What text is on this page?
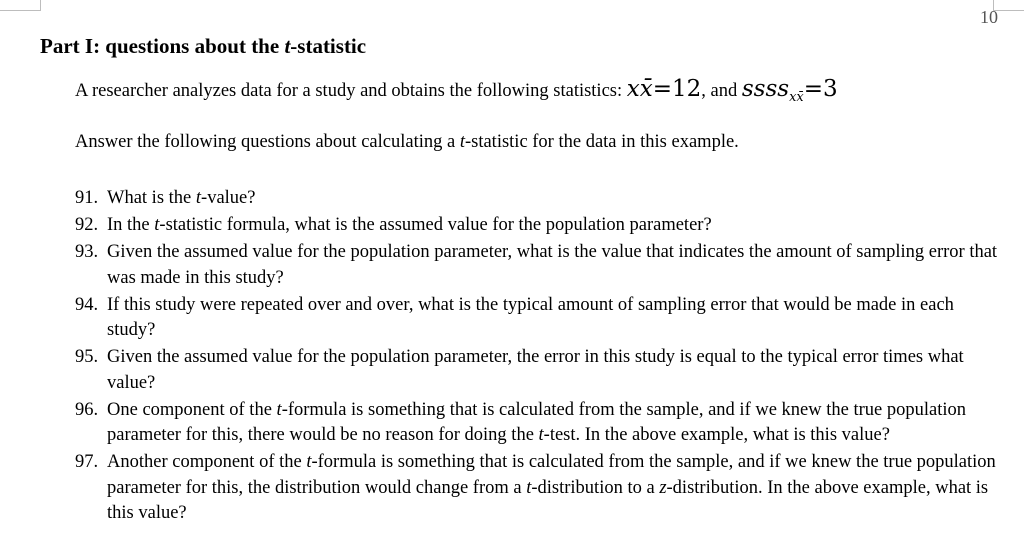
10
Part I: questions about the t-statistic

A researcher analyzes data for a study and obtains the following statistics: xx̄=12, and ssss$_{xx̄}$=3

Answer the following questions about calculating a t-statistic for the data in this example.

91. What is the t-value?
92. In the t-statistic formula, what is the assumed value for the population parameter?
93. Given the assumed value for the population parameter, what is the value that indicates the amount of sampling error that was made in this study?
94. If this study were repeated over and over, what is the typical amount of sampling error that would be made in each study?
95. Given the assumed value for the population parameter, the error in this study is equal to the typical error times what value?
96. One component of the t-formula is something that is calculated from the sample, and if we knew the true population parameter for this, there would be no reason for doing the t-test. In the above example, what is this value?
97. Another component of the t-formula is something that is calculated from the sample, and if we knew the true population parameter for this, the distribution would change from a t-distribution to a z-distribution. In the above example, what is this value?
